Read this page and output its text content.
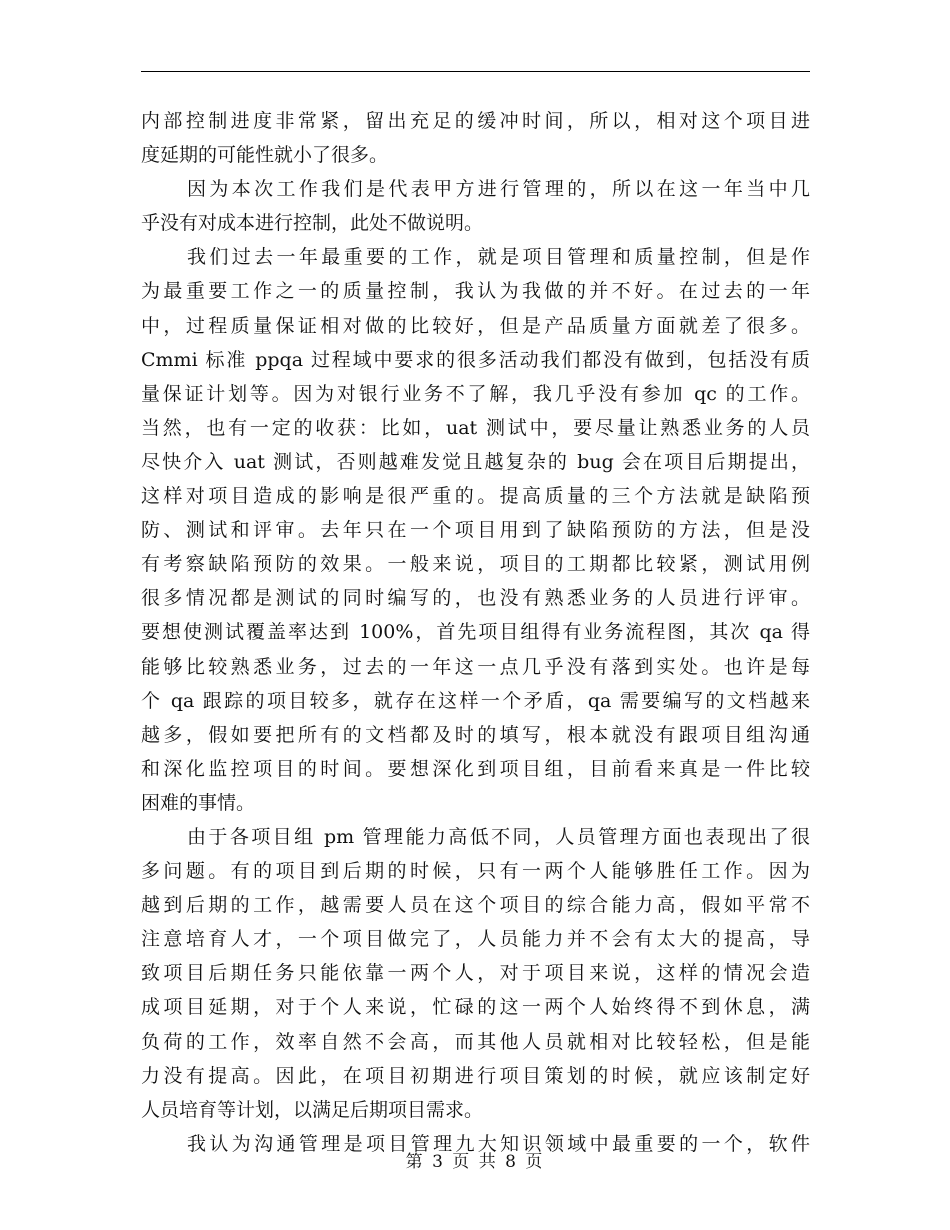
内部控制进度非常紧，留出充足的缓冲时间，所以，相对这个项目进
度延期的可能性就小了很多。
因为本次工作我们是代表甲方进行管理的，所以在这一年当中几
乎没有对成本进行控制，此处不做说明。
我们过去一年最重要的工作，就是项目管理和质量控制，但是作
为最重要工作之一的质量控制，我认为我做的并不好。在过去的一年
中，过程质量保证相对做的比较好，但是产品质量方面就差了很多。
Cmmi 标准 ppqa 过程域中要求的很多活动我们都没有做到，包括没有质
量保证计划等。因为对银行业务不了解，我几乎没有参加 qc 的工作。
当然，也有一定的收获：比如，uat 测试中，要尽量让熟悉业务的人员
尽快介入 uat 测试，否则越难发觉且越复杂的 bug 会在项目后期提出，
这样对项目造成的影响是很严重的。提高质量的三个方法就是缺陷预
防、测试和评审。去年只在一个项目用到了缺陷预防的方法，但是没
有考察缺陷预防的效果。一般来说，项目的工期都比较紧，测试用例
很多情况都是测试的同时编写的，也没有熟悉业务的人员进行评审。
要想使测试覆盖率达到 100%，首先项目组得有业务流程图，其次 qa 得
能够比较熟悉业务，过去的一年这一点几乎没有落到实处。也许是每
个 qa 跟踪的项目较多，就存在这样一个矛盾，qa 需要编写的文档越来
越多，假如要把所有的文档都及时的填写，根本就没有跟项目组沟通
和深化监控项目的时间。要想深化到项目组，目前看来真是一件比较
困难的事情。
由于各项目组 pm 管理能力高低不同，人员管理方面也表现出了很
多问题。有的项目到后期的时候，只有一两个人能够胜任工作。因为
越到后期的工作，越需要人员在这个项目的综合能力高，假如平常不
注意培育人才，一个项目做完了，人员能力并不会有太大的提高，导
致项目后期任务只能依靠一两个人，对于项目来说，这样的情况会造
成项目延期，对于个人来说，忙碌的这一两个人始终得不到休息，满
负荷的工作，效率自然不会高，而其他人员就相对比较轻松，但是能
力没有提高。因此，在项目初期进行项目策划的时候，就应该制定好
人员培育等计划，以满足后期项目需求。
我认为沟通管理是项目管理九大知识领域中最重要的一个，软件
第 3 页 共 8 页
